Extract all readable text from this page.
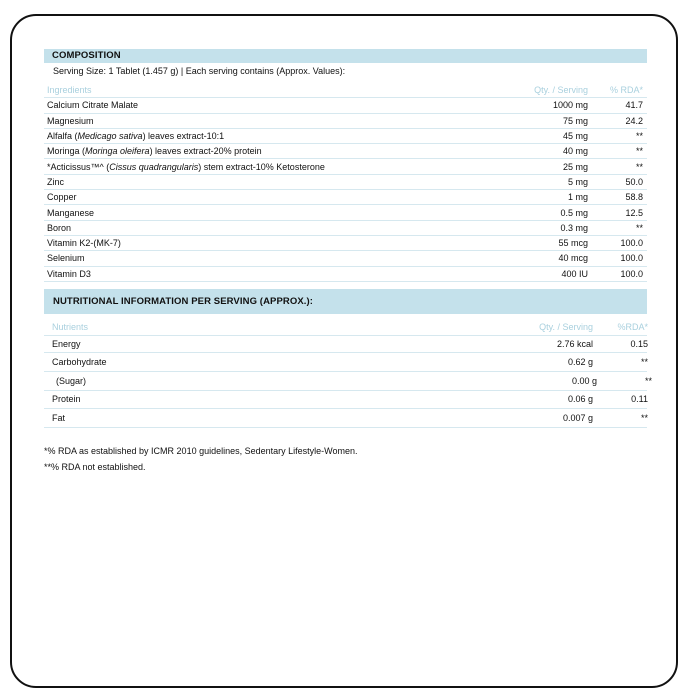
COMPOSITION
Serving Size: 1 Tablet (1.457 g) | Each serving contains (Approx. Values):
Ingredients	Qty. / Serving	% RDA*
Calcium Citrate Malate	1000 mg	41.7
Magnesium	75 mg	24.2
Alfalfa (Medicago sativa) leaves extract-10:1	45 mg	**
Moringa (Moringa oleifera) leaves extract-20% protein	40 mg	**
*Acticissus™^ (Cissus quadrangularis) stem extract-10% Ketosterone	25 mg	**
Zinc	5 mg	50.0
Copper	1 mg	58.8
Manganese	0.5 mg	12.5
Boron	0.3 mg	**
Vitamin K2-(MK-7)	55 mcg	100.0
Selenium	40 mcg	100.0
Vitamin D3	400 IU	100.0
NUTRITIONAL INFORMATION PER SERVING (APPROX.):
Nutrients	Qty. / Serving	%RDA*
Energy	2.76 kcal	0.15
Carbohydrate	0.62 g	**
(Sugar)	0.00 g	**
Protein	0.06 g	0.11
Fat	0.007 g	**
*% RDA as established by ICMR 2010 guidelines, Sedentary Lifestyle-Women.
**% RDA not established.
